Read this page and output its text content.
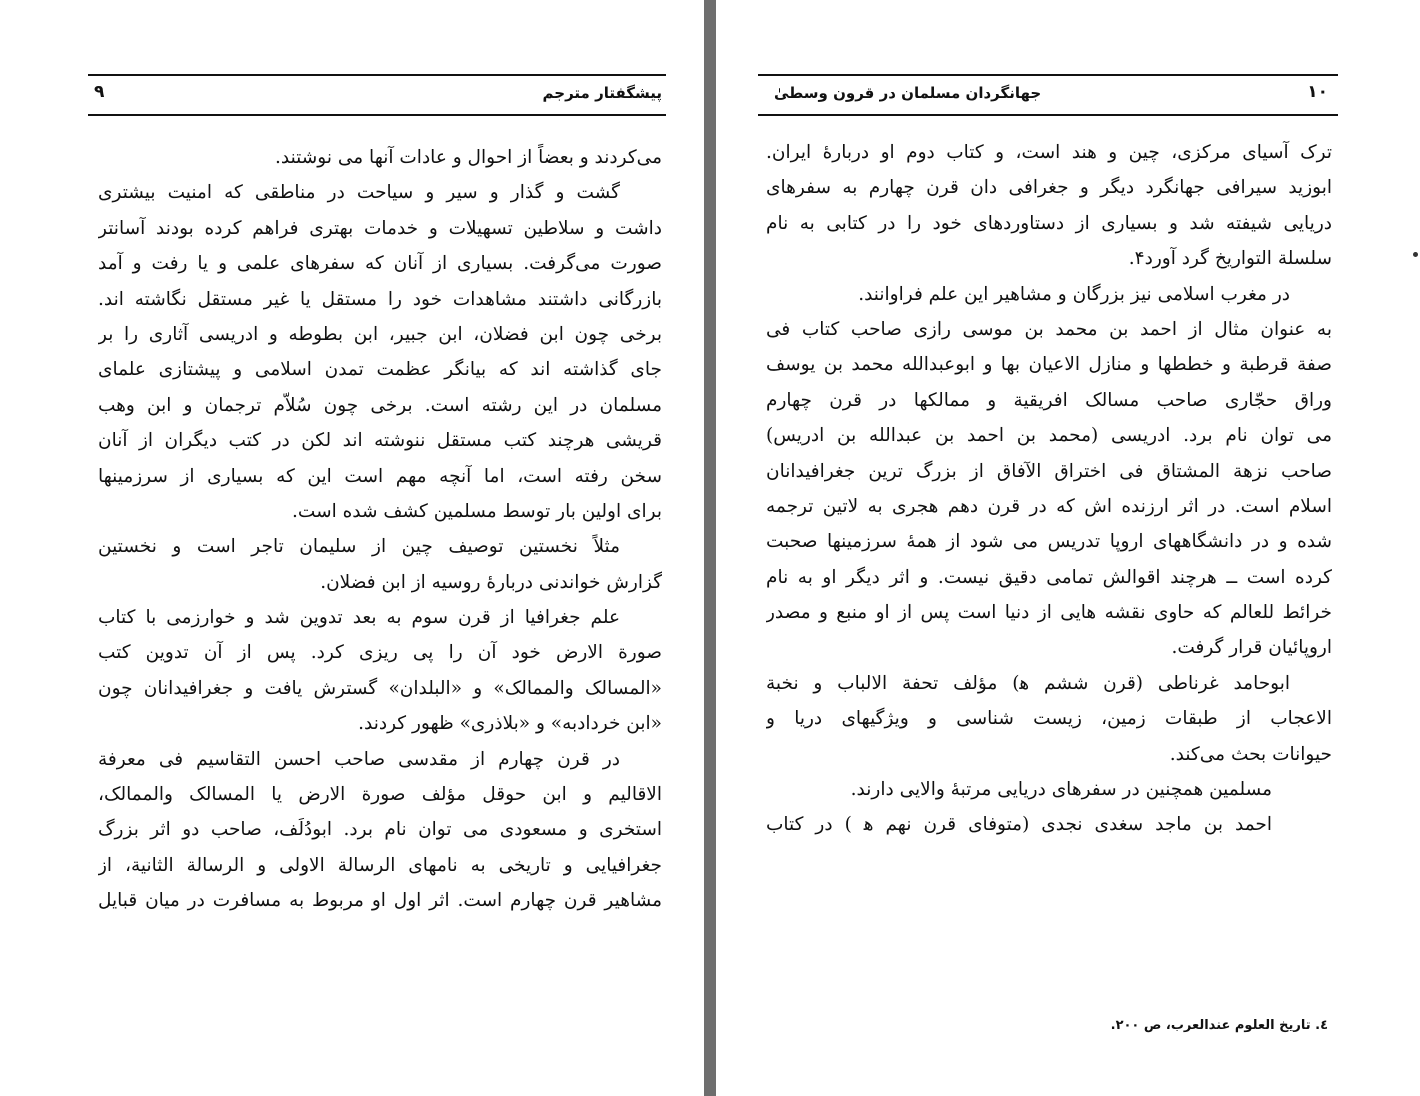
پیشگفتار مترجم
۹
می‌کردند و بعضاً از احوال و عادات آنها می نوشتند.
گشت و گذار و سیر و سیاحت در مناطقی که امنیت بیشتری
داشت و سلاطین تسهیلات و خدمات بهتری فراهم کرده بودند آسانتر
صورت می‌گرفت. بسیاری از آنان که سفرهای علمی و یا رفت و آمد
بازرگانی داشتند مشاهدات خود را مستقل یا غیر مستقل نگاشته اند.
برخی چون ابن فضلان، ابن جبیر، ابن بطوطه و ادریسی آثاری را بر
جای گذاشته اند که بیانگر عظمت تمدن اسلامی و پیشتازی علمای
مسلمان در این رشته است. برخی چون سُلاّم ترجمان و ابن وهب
قریشی هرچند کتب مستقل ننوشته اند لکن در کتب دیگران از آنان
سخن رفته است، اما آنچه مهم است این که بسیاری از سرزمینها
برای اولین بار توسط مسلمین کشف شده است.
مثلاً نخستین توصیف چین از سلیمان تاجر است و نخستین
گزارش خواندنی دربارهٔ روسیه از ابن فضلان.
علم جغرافیا از قرن سوم به بعد تدوین شد و خوارزمی با کتاب
صورة الارض خود آن را پی ریزی کرد. پس از آن تدوین کتب
«المسالک والممالک» و «البلدان» گسترش یافت و جغرافیدانان چون
«ابن خردادبه» و «بلاذری» ظهور کردند.
در قرن چهارم از مقدسی صاحب احسن التقاسیم فی معرفة
الاقالیم و ابن حوقل مؤلف صورة الارض یا المسالک والممالک،
استخری و مسعودی می توان نام برد. ابودُلَف، صاحب دو اثر بزرگ
جغرافیایی و تاریخی به نامهای الرسالة الاولی و الرسالة الثانیة، از
مشاهیر قرن چهارم است. اثر اول او مربوط به مسافرت در میان قبایل
۱۰
جهانگردان مسلمان در قرون وسطیٰ
ترک آسیای مرکزی، چین و هند است، و کتاب دوم او دربارهٔ ایران.
ابوزید سیرافی جهانگرد دیگر و جغرافی دان قرن چهارم به سفرهای
دریایی شیفته شد و بسیاری از دستاوردهای خود را در کتابی به نام
سلسلة التواریخ گرد آورد۴.
در مغرب اسلامی نیز بزرگان و مشاهیر این علم فراوانند.
به عنوان مثال از احمد بن محمد بن موسی رازی صاحب کتاب فی
صفة قرطبة و خططها و منازل الاعیان بها و ابوعبدالله محمد بن یوسف
وراق حجّاری صاحب مسالک افریقیة و ممالکها در قرن چهارم
می توان نام برد. ادریسی (محمد بن احمد بن عبدالله بن ادریس)
صاحب نزهة المشتاق فی اختراق الآفاق از بزرگ ترین جغرافیدانان
اسلام است. در اثر ارزنده اش که در قرن دهم هجری به لاتین ترجمه
شده و در دانشگاههای اروپا تدریس می شود از همهٔ سرزمینها صحبت
کرده است ــ هرچند اقوالش تمامی دقیق نیست. و اثر دیگر او به نام
خرائط للعالم که حاوی نقشه هایی از دنیا است پس از او منبع و مصدر
اروپائیان قرار گرفت.
ابوحامد غرناطی (قرن ششم ﻫ) مؤلف تحفة الالباب و نخبة
الاعجاب از طبقات زمین، زیست شناسی و ویژگیهای دریا و
حیوانات بحث می‌کند.
مسلمین همچنین در سفرهای دریایی مرتبهٔ والایی دارند.
احمد بن ماجد سغدی نجدی (متوفای قرن نهم ﻫ ) در کتاب
٤. تاریخ العلوم عندالعرب، ص ۲۰۰.
